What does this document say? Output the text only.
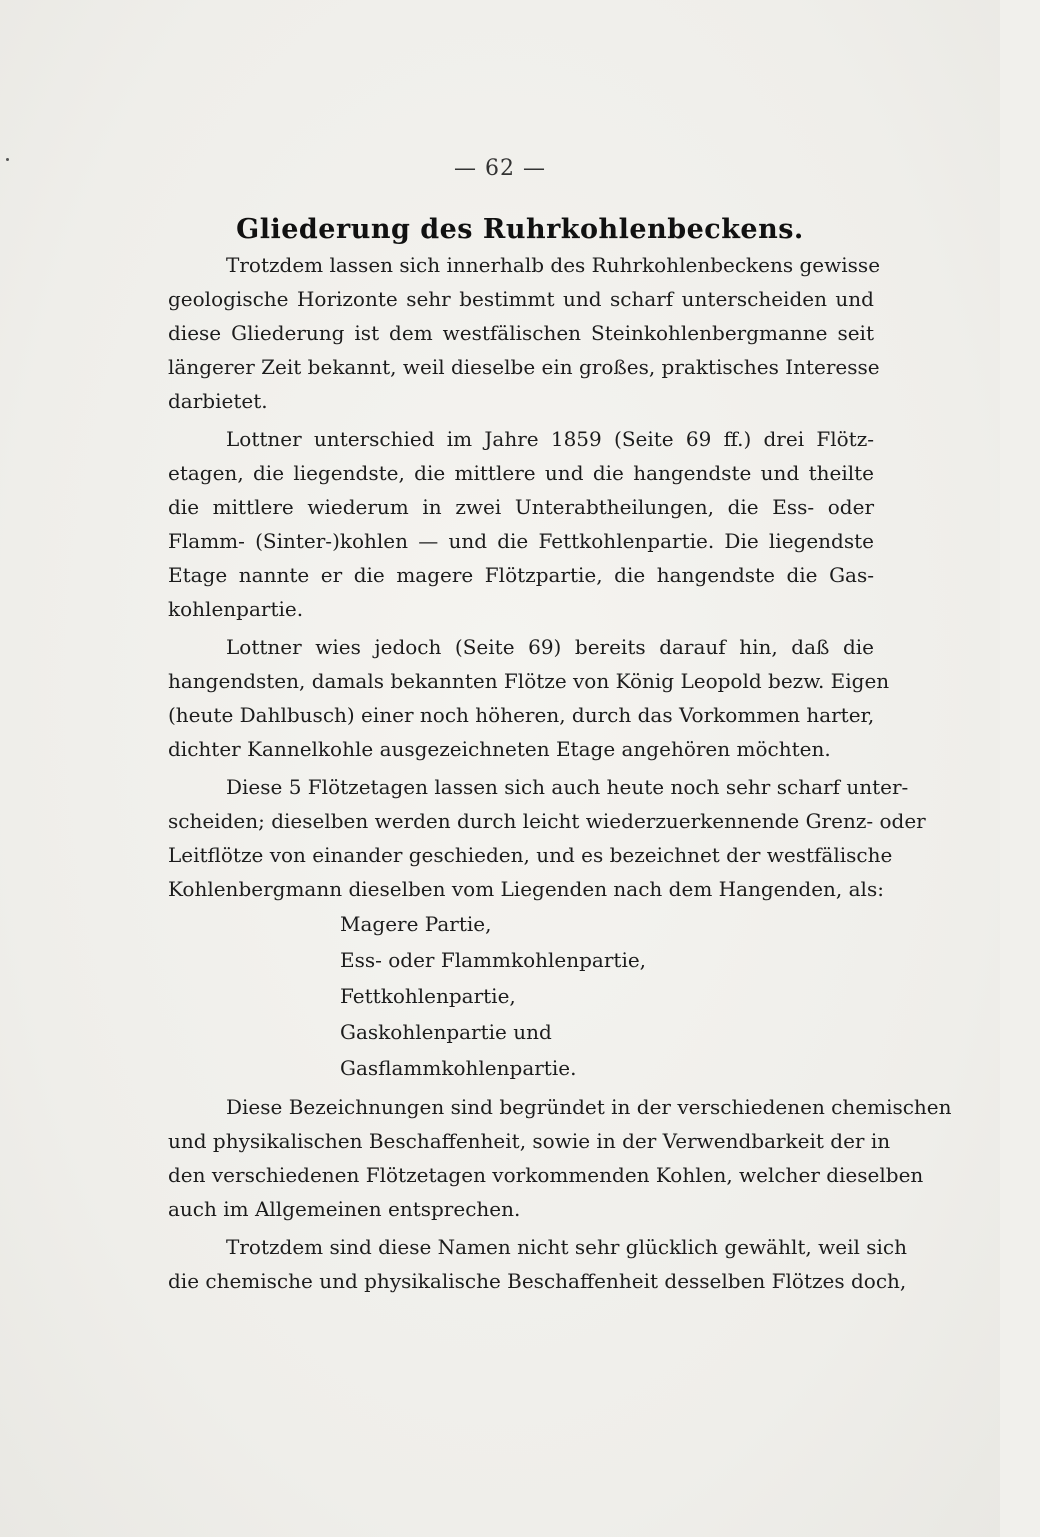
— 62 —
Gliederung des Ruhrkohlenbeckens.
Trotzdem lassen sich innerhalb des Ruhrkohlenbeckens gewisse
geologische Horizonte sehr bestimmt und scharf unterscheiden und
diese Gliederung ist dem westfälischen Steinkohlenbergmanne seit
längerer Zeit bekannt, weil dieselbe ein großes, praktisches Interesse
darbietet.
Lottner unterschied im Jahre 1859 (Seite 69 ff.) drei Flötz-
etagen, die liegendste, die mittlere und die hangendste und theilte
die mittlere wiederum in zwei Unterabtheilungen, die Ess- oder
Flamm- (Sinter-)kohlen — und die Fettkohlenpartie. Die liegendste
Etage nannte er die magere Flötzpartie, die hangendste die Gas-
kohlenpartie.
Lottner wies jedoch (Seite 69) bereits darauf hin, daß die
hangendsten, damals bekannten Flötze von König Leopold bezw. Eigen
(heute Dahlbusch) einer noch höheren, durch das Vorkommen harter,
dichter Kannelkohle ausgezeichneten Etage angehören möchten.
Diese 5 Flötzetagen lassen sich auch heute noch sehr scharf unter-
scheiden; dieselben werden durch leicht wiederzuerkennende Grenz- oder
Leitflötze von einander geschieden, und es bezeichnet der westfälische
Kohlenbergmann dieselben vom Liegenden nach dem Hangenden, als:
Magere Partie,
Ess- oder Flammkohlenpartie,
Fettkohlenpartie,
Gaskohlenpartie und
Gasflammkohlenpartie.
Diese Bezeichnungen sind begründet in der verschiedenen chemischen
und physikalischen Beschaffenheit, sowie in der Verwendbarkeit der in
den verschiedenen Flötzetagen vorkommenden Kohlen, welcher dieselben
auch im Allgemeinen entsprechen.
Trotzdem sind diese Namen nicht sehr glücklich gewählt, weil sich
die chemische und physikalische Beschaffenheit desselben Flötzes doch,
